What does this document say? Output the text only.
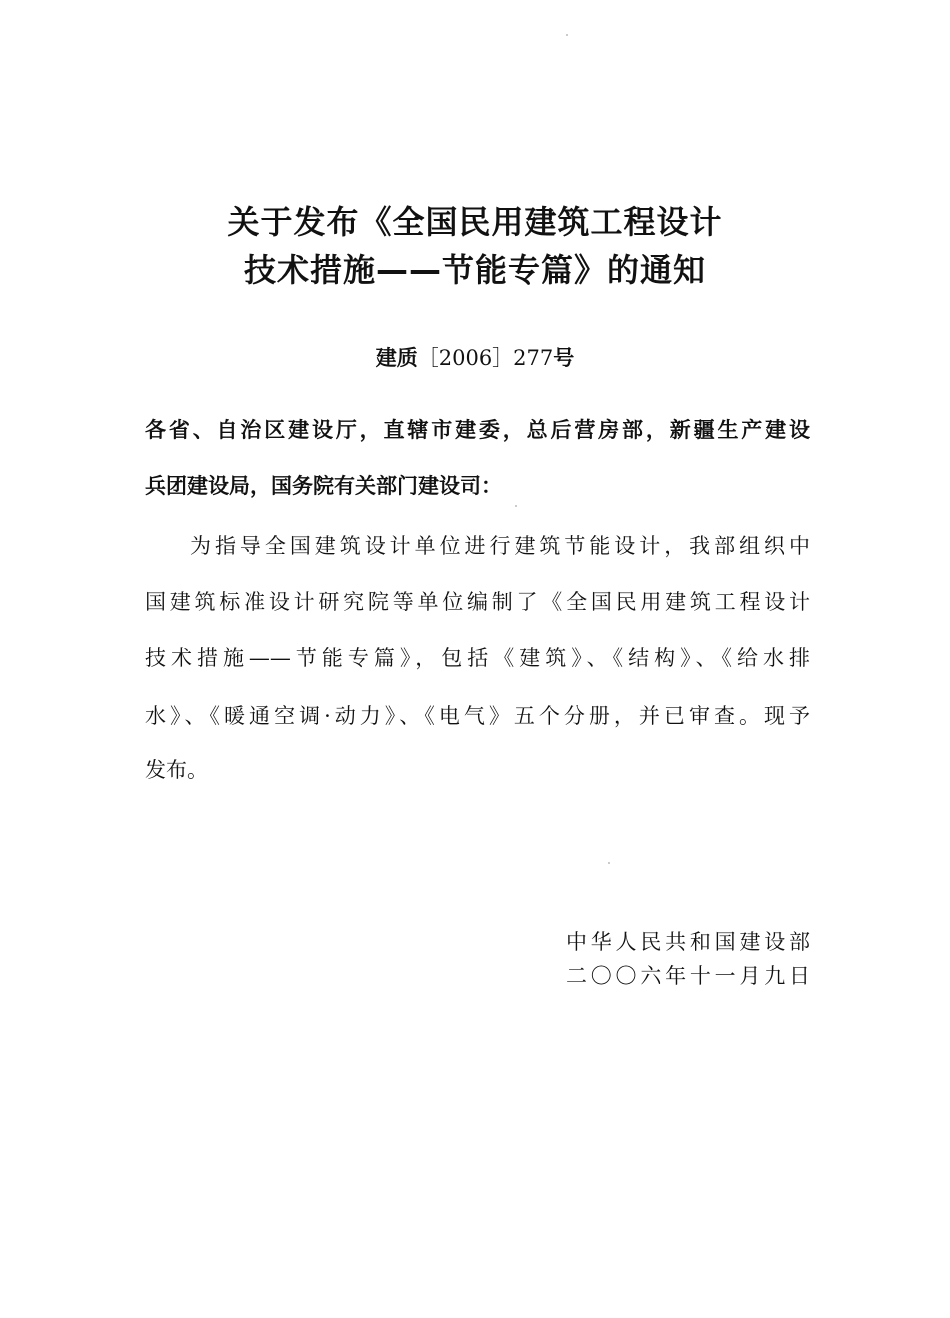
关于发布《全国民用建筑工程设计
技术措施——节能专篇》的通知
建质［2006］277号
各省、自治区建设厅，直辖市建委，总后营房部，新疆生产建设
兵团建设局，国务院有关部门建设司：
为指导全国建筑设计单位进行建筑节能设计，我部组织中
国建筑标准设计研究院等单位编制了《全国民用建筑工程设计
技术措施——节能专篇》，包括《建筑》、《结构》、《给水排
水》、《暖通空调·动力》、《电气》五个分册，并已审查。现予
发布。
中华人民共和国建设部
二〇〇六年十一月九日
